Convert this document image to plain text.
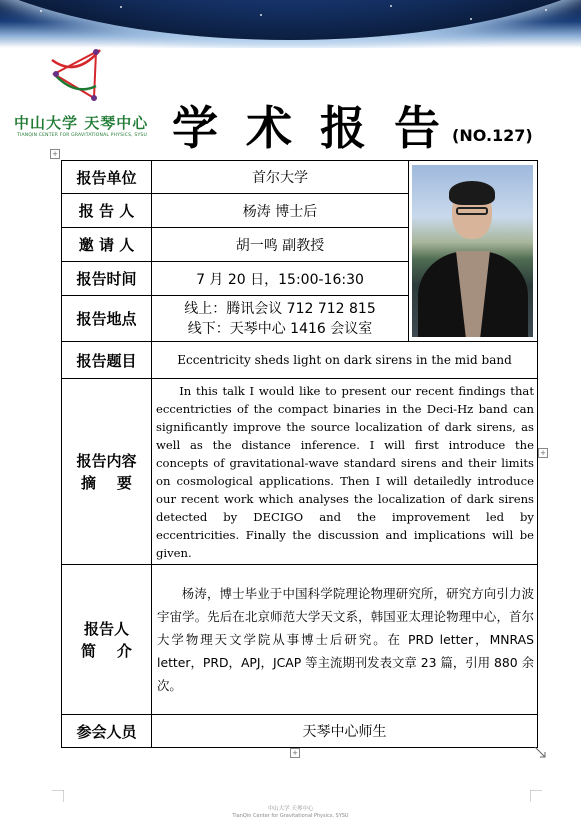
中山大学 天琴中心
TIANQIN CENTER FOR GRAVITATIONAL PHYSICS, SYSU 学术报告
(NO.127)
+
报告单位	首尔大学	

报 告 人	杨涛 博士后	
邀 请 人	胡一鸣 副教授	
报告时间	7 月 20 日，15:00-16:30	
报告地点	线上：腾讯会议 712 712 815
线下：天琴中心 1416 会议室	

报告题目	Eccentricity sheds light on dark sirens in the mid band	

报告内容
摘    要	In this talk I would like to present our recent findings that eccentricties of the compact binaries in the Deci-Hz band can significantly improve the source localization of dark sirens, as well as the distance inference. I will first introduce the concepts of gravitational-wave standard sirens and their limits on cosmological applications. Then I will detailedly introduce our recent work which analyses the localization of dark sirens detected by DECIGO and the improvement led by eccentricities. Finally the discussion and implications will be given.	

报告人
简    介	杨涛，博士毕业于中国科学院理论物理研究所，研究方向引力波宇宙学。先后在北京师范大学天文系，韩国亚太理论物理中心，首尔大学物理天文学院从事博士后研究。在 PRD letter，MNRAS letter，PRD，APJ，JCAP 等主流期刊发表文章 23 篇，引用 880 余次。	
参会人员	天琴中心师生	
+
+
中山大学 天琴中心
TianQin Center for Gravitational Physics, SYSU
